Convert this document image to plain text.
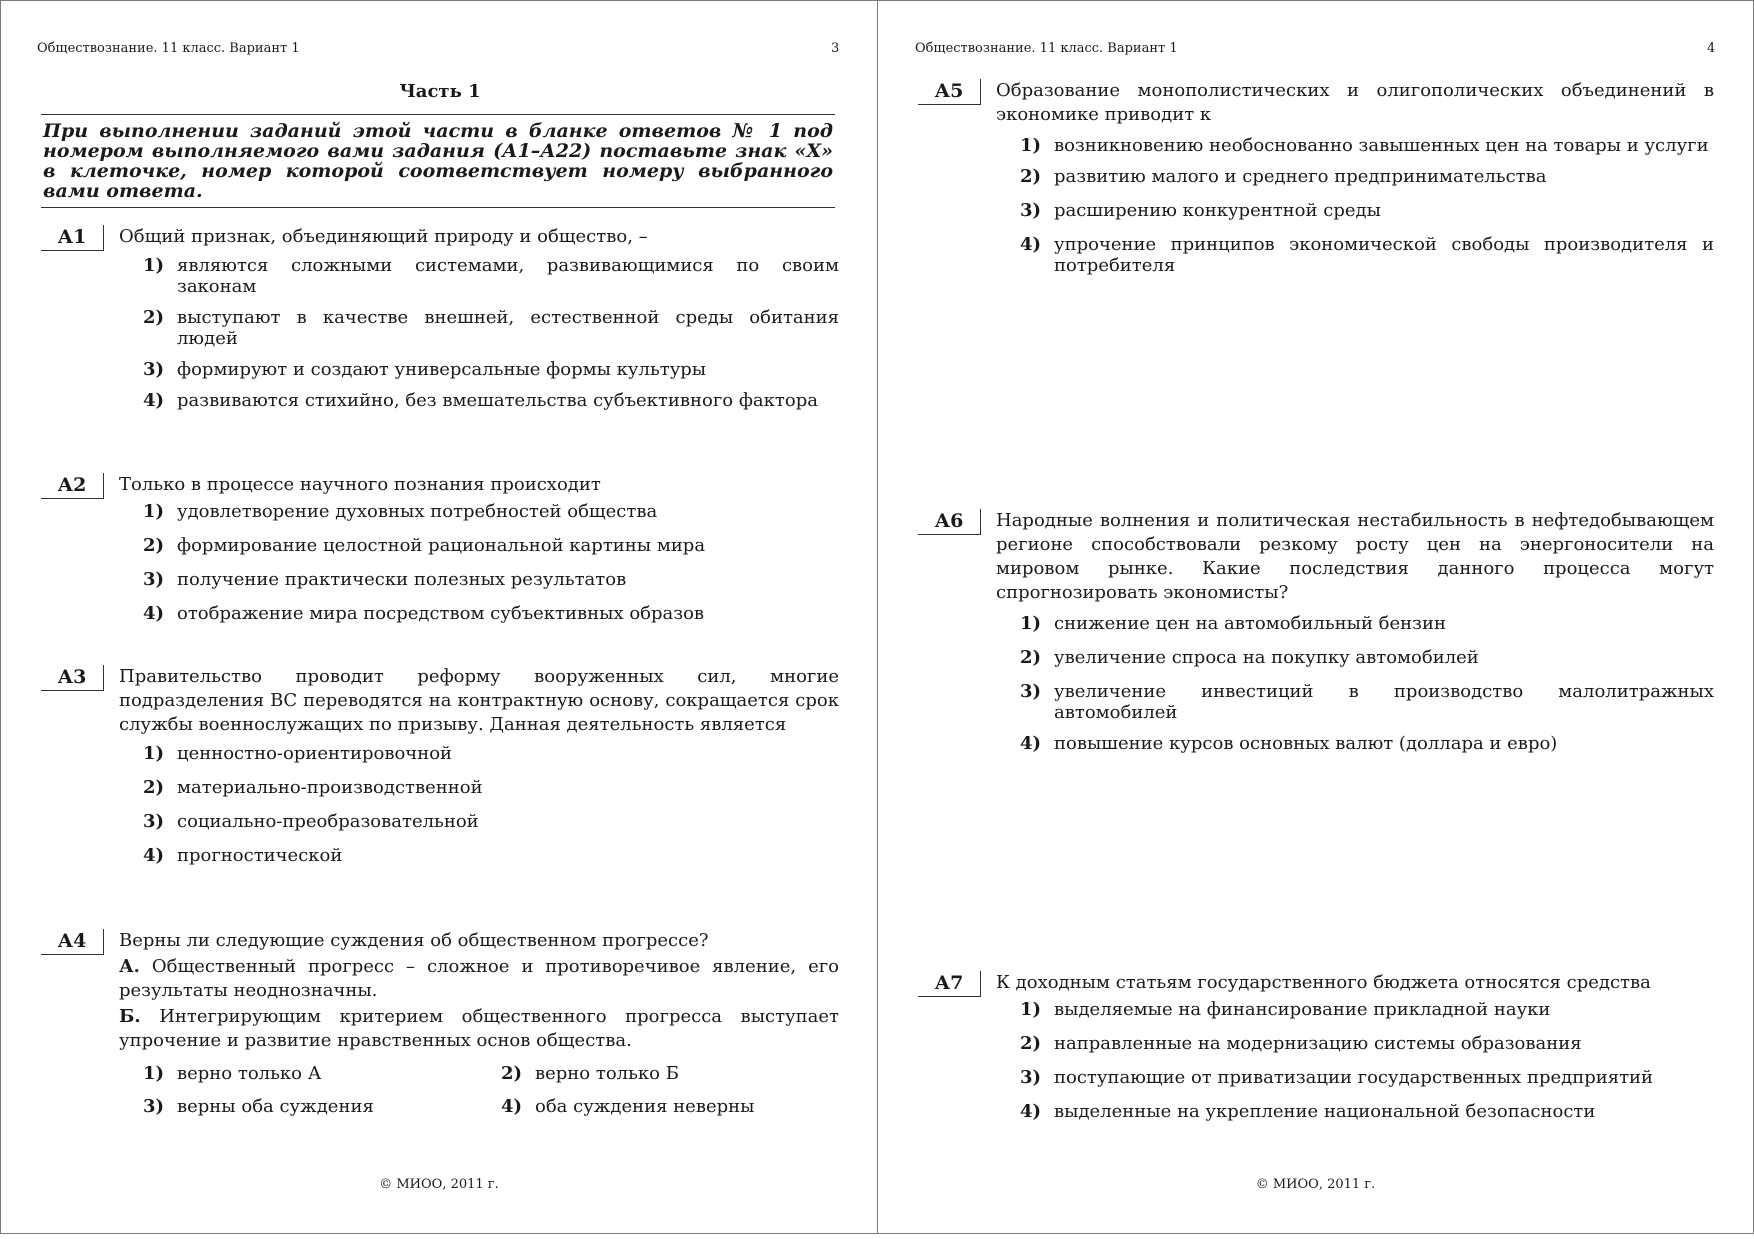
Обществознание. 11 класс. Вариант 1	3
Часть 1
При выполнении заданий этой части в бланке ответов № 1 под номером выполняемого вами задания (А1–А22) поставьте знак «X» в клеточке, номер которой соответствует номеру выбранного вами ответа.
А1	Общий признак, объединяющий природу и общество, –
1) являются сложными системами, развивающимися по своим законам
2) выступают в качестве внешней, естественной среды обитания людей
3) формируют и создают универсальные формы культуры
4) развиваются стихийно, без вмешательства субъективного фактора
А2	Только в процессе научного познания происходит
1) удовлетворение духовных потребностей общества
2) формирование целостной рациональной картины мира
3) получение практически полезных результатов
4) отображение мира посредством субъективных образов
А3	Правительство проводит реформу вооруженных сил, многие подразделения ВС переводятся на контрактную основу, сокращается срок службы военнослужащих по призыву. Данная деятельность является
1) ценностно-ориентировочной
2) материально-производственной
3) социально-преобразовательной
4) прогностической
А4	Верны ли следующие суждения об общественном прогрессе?
А. Общественный прогресс – сложное и противоречивое явление, его результаты неоднозначны.
Б. Интегрирующим критерием общественного прогресса выступает упрочение и развитие нравственных основ общества.
1) верно только А	2) верно только Б
3) верны оба суждения	4) оба суждения неверны
© МИОО, 2011 г.
Обществознание. 11 класс. Вариант 1	4
А5	Образование монополистических и олигополических объединений в экономике приводит к
1) возникновению необоснованно завышенных цен на товары и услуги
2) развитию малого и среднего предпринимательства
3) расширению конкурентной среды
4) упрочение принципов экономической свободы производителя и потребителя
А6	Народные волнения и политическая нестабильность в нефтедобывающем регионе способствовали резкому росту цен на энергоносители на мировом рынке. Какие последствия данного процесса могут спрогнозировать экономисты?
1) снижение цен на автомобильный бензин
2) увеличение спроса на покупку автомобилей
3) увеличение инвестиций в производство малолитражных автомобилей
4) повышение курсов основных валют (доллара и евро)
А7	К доходным статьям государственного бюджета относятся средства
1) выделяемые на финансирование прикладной науки
2) направленные на модернизацию системы образования
3) поступающие от приватизации государственных предприятий
4) выделенные на укрепление национальной безопасности
© МИОО, 2011 г.
